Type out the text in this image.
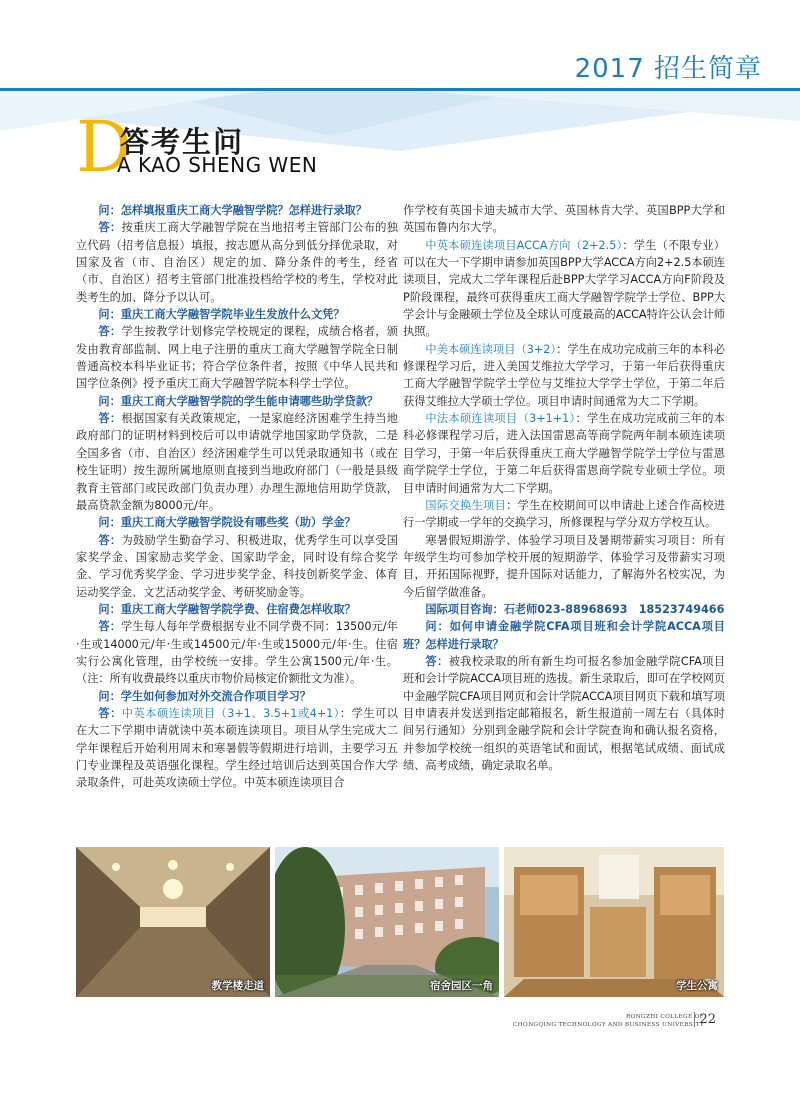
2017 招生简章
D
答考生问
A KAO SHENG WEN

问：怎样填报重庆工商大学融智学院？怎样进行录取？

答：按重庆工商大学融智学院在当地招考主管部门公布的独立代码（招考信息报）填报，按志愿从高分到低分择优录取，对国家及省（市、自治区）规定的加、降分条件的考生，经省（市、自治区）招考主管部门批准投档给学校的考生，学校对此类考生的加、降分予以认可。

问：重庆工商大学融智学院毕业生发放什么文凭？

答：学生按教学计划修完学校规定的课程，成绩合格者，颁发由教育部监制、网上电子注册的重庆工商大学融智学院全日制普通高校本科毕业证书；符合学位条件者，按照《中华人民共和国学位条例》授予重庆工商大学融智学院本科学士学位。

问：重庆工商大学融智学院的学生能申请哪些助学贷款？

答：根据国家有关政策规定，一是家庭经济困难学生持当地政府部门的证明材料到校后可以申请就学地国家助学贷款，二是全国多省（市、自治区）经济困难学生可以凭录取通知书（或在校生证明）按生源所属地原则直接到当地政府部门（一般是县级教育主管部门或民政部门负责办理）办理生源地信用助学贷款，最高贷款金额为8000元/年。

问：重庆工商大学融智学院设有哪些奖（助）学金？

答：为鼓励学生勤奋学习、积极进取，优秀学生可以享受国家奖学金、国家励志奖学金、国家助学金，同时设有综合奖学金、学习优秀奖学金、学习进步奖学金、科技创新奖学金、体育运动奖学金、文艺活动奖学金、考研奖励金等。

问：重庆工商大学融智学院学费、住宿费怎样收取？

答：学生每人每年学费根据专业不同学费不同：13500元/年·生或14000元/年·生或14500元/年·生或15000元/年·生。住宿实行公寓化管理，由学校统一安排。学生公寓1500元/年·生。（注：所有收费最终以重庆市物价局核定价额批文为准）。

问：学生如何参加对外交流合作项目学习？

答：中英本硕连读项目（3+1、3.5+1或4+1）：学生可以在大二下学期申请就读中英本硕连读项目。项目从学生完成大二学年课程后开始利用周末和寒暑假等假期进行培训，主要学习五门专业课程及英语强化课程。学生经过培训后达到英国合作大学录取条件，可赴英攻读硕士学位。中英本硕连读项目合

作学校有英国卡迪夫城市大学、英国林肯大学、英国BPP大学和英国布鲁内尔大学。

中英本硕连读项目ACCA方向（2+2.5）：学生（不限专业）可以在大一下学期申请参加英国BPP大学ACCA方向2+2.5本硕连读项目，完成大二学年课程后赴BPP大学学习ACCA方向F阶段及P阶段课程，最终可获得重庆工商大学融智学院学士学位、BPP大学会计与金融硕士学位及全球认可度最高的ACCA特许公认会计师执照。

中美本硕连读项目（3+2）：学生在成功完成前三年的本科必修课程学习后，进入美国艾维拉大学学习，于第一年后获得重庆工商大学融智学院学士学位与艾维拉大学学士学位，于第二年后获得艾维拉大学硕士学位。项目申请时间通常为大二下学期。

中法本硕连读项目（3+1+1）：学生在成功完成前三年的本科必修课程学习后，进入法国雷恩高等商学院两年制本硕连读项目学习，于第一年后获得重庆工商大学融智学院学士学位与雷恩商学院学士学位，于第二年后获得雷恩商学院专业硕士学位。项目申请时间通常为大二下学期。

国际交换生项目：学生在校期间可以申请赴上述合作高校进行一学期或一学年的交换学习，所修课程与学分双方学校互认。

寒暑假短期游学、体验学习项目及暑期带薪实习项目：所有年级学生均可参加学校开展的短期游学、体验学习及带薪实习项目，开拓国际视野，提升国际对话能力，了解海外名校实况，为今后留学做准备。

国际项目咨询：石老师023-88968693　18523749466

问：如何申请金融学院CFA项目班和会计学院ACCA项目班？怎样进行录取？

答：被我校录取的所有新生均可报名参加金融学院CFA项目班和会计学院ACCA项目班的选拔。新生录取后，即可在学校网页中金融学院CFA项目网页和会计学院ACCA项目网页下载和填写项目申请表并发送到指定邮箱报名，新生报道前一周左右（具体时间另行通知）分别到金融学院和会计学院查询和确认报名资格，并参加学校统一组织的英语笔试和面试，根据笔试成绩、面试成绩、高考成绩，确定录取名单。

教学楼走道	宿舍园区一角	学生公寓
RONGZHI COLLEGE OF
CHONGQING TECHNOLOGY AND BUSINESS UNIVERSITY
22
